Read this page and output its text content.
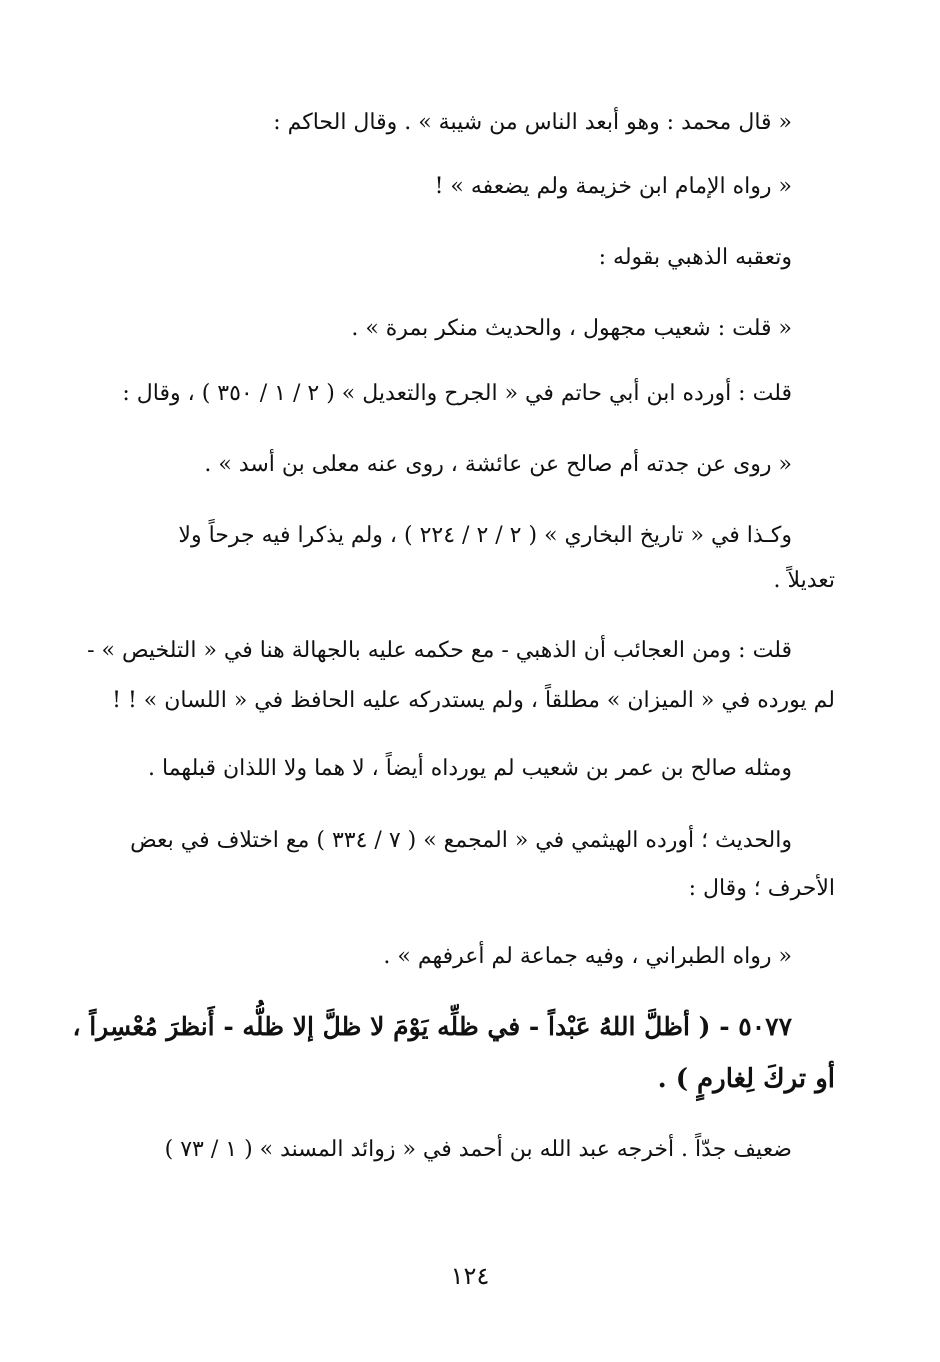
« قال محمد : وهو أبعد الناس من شيبة » . وقال الحاكم :
« رواه الإمام ابن خزيمة ولم يضعفه » !
وتعقبه الذهبي بقوله :
« قلت : شعيب مجهول ، والحديث منكر بمرة » .
قلت : أورده ابن أبي حاتم في « الجرح والتعديل » ( ٢ / ١ / ٣٥٠ ) ، وقال :
« روى عن جدته أم صالح عن عائشة ، روى عنه معلى بن أسد » .
وكـذا في « تاريخ البخاري » ( ٢ / ٢ / ٢٢٤ ) ، ولم يذكرا فيه جرحاً ولا
تعديلاً .
قلت : ومن العجائب أن الذهبي - مع حكمه عليه بالجهالة هنا في « التلخيص » -
لم يورده في « الميزان » مطلقاً ، ولم يستدركه عليه الحافظ في « اللسان » ! !
ومثله صالح بن عمر بن شعيب لم يورداه أيضاً ، لا هما ولا اللذان قبلهما .
والحديث ؛ أورده الهيثمي في « المجمع » ( ٧ / ٣٣٤ ) مع اختلاف في بعض
الأحرف ؛ وقال :
« رواه الطبراني ، وفيه جماعة لم أعرفهم » .
٥٠٧٧ - ( أظلَّ اللهُ عَبْداً - في ظلِّه يَوْمَ لا ظلَّ إلا ظلُّه - أَنظرَ مُعْسِراً ،
أو تركَ لِغارمٍ ) .
ضعيف جدّاً . أخرجه عبد الله بن أحمد في « زوائد المسند » ( ١ / ٧٣ )
١٢٤
